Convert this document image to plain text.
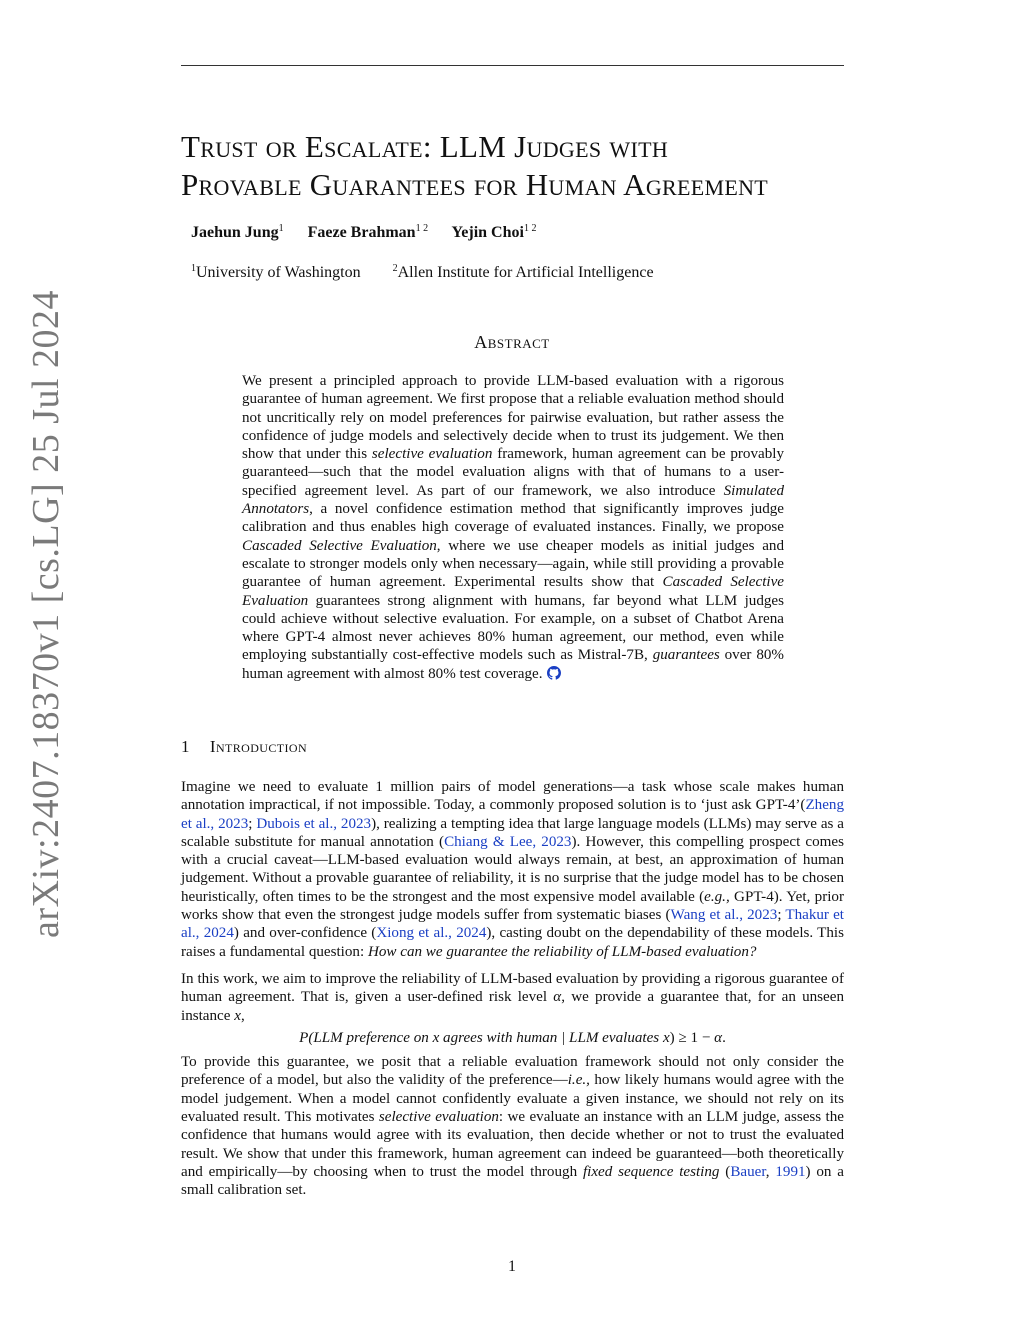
arXiv:2407.18370v1 [cs.LG] 25 Jul 2024
Trust or Escalate: LLM Judges with
Provable Guarantees for Human Agreement
Jaehun Jung$^1$ Faeze Brahman$^{1 2}$ Yejin Choi$^{1 2}$
$^1$University of Washington	$^2$Allen Institute for Artificial Intelligence
Abstract
We present a principled approach to provide LLM-based evaluation with a rigorous guarantee of human agreement. We first propose that a reliable evaluation method should not uncritically rely on model preferences for pairwise evaluation, but rather assess the confidence of judge models and selectively decide when to trust its judgement. We then show that under this selective evaluation framework, human agreement can be provably guaranteed—such that the model evaluation aligns with that of humans to a user-specified agreement level. As part of our framework, we also introduce Simulated Annotators, a novel confidence estimation method that significantly improves judge calibration and thus enables high coverage of evaluated instances. Finally, we propose Cascaded Selective Evaluation, where we use cheaper models as initial judges and escalate to stronger models only when necessary—again, while still providing a provable guarantee of human agreement. Experimental results show that Cascaded Selective Evaluation guarantees strong alignment with humans, far beyond what LLM judges could achieve without selective evaluation. For example, on a subset of Chatbot Arena where GPT-4 almost never achieves 80% human agreement, our method, even while employing substantially cost-effective models such as Mistral-7B, guarantees over 80% human agreement with almost 80% test coverage.
1 Introduction

Imagine we need to evaluate 1 million pairs of model generations—a task whose scale makes human annotation impractical, if not impossible. Today, a commonly proposed solution is to ‘just ask GPT-4’(Zheng et al., 2023; Dubois et al., 2023), realizing a tempting idea that large language models (LLMs) may serve as a scalable substitute for manual annotation (Chiang & Lee, 2023). However, this compelling prospect comes with a crucial caveat—LLM-based evaluation would always remain, at best, an approximation of human judgement. Without a provable guarantee of reliability, it is no surprise that the judge model has to be chosen heuristically, often times to be the strongest and the most expensive model available (e.g., GPT-4). Yet, prior works show that even the strongest judge models suffer from systematic biases (Wang et al., 2023; Thakur et al., 2024) and over-confidence (Xiong et al., 2024), casting doubt on the dependability of these models. This raises a fundamental question: How can we guarantee the reliability of LLM-based evaluation?

In this work, we aim to improve the reliability of LLM-based evaluation by providing a rigorous guarantee of human agreement. That is, given a user-defined risk level α, we provide a guarantee that, for an unseen instance x,

P(LLM preference on x agrees with human | LLM evaluates x) ≥ 1 − α.

To provide this guarantee, we posit that a reliable evaluation framework should not only consider the preference of a model, but also the validity of the preference—i.e., how likely humans would agree with the model judgement. When a model cannot confidently evaluate a given instance, we should not rely on its evaluated result. This motivates selective evaluation: we evaluate an instance with an LLM judge, assess the confidence that humans would agree with its evaluation, then decide whether or not to trust the evaluated result. We show that under this framework, human agreement can indeed be guaranteed—both theoretically and empirically—by choosing when to trust the model through fixed sequence testing (Bauer, 1991) on a small calibration set.

1
